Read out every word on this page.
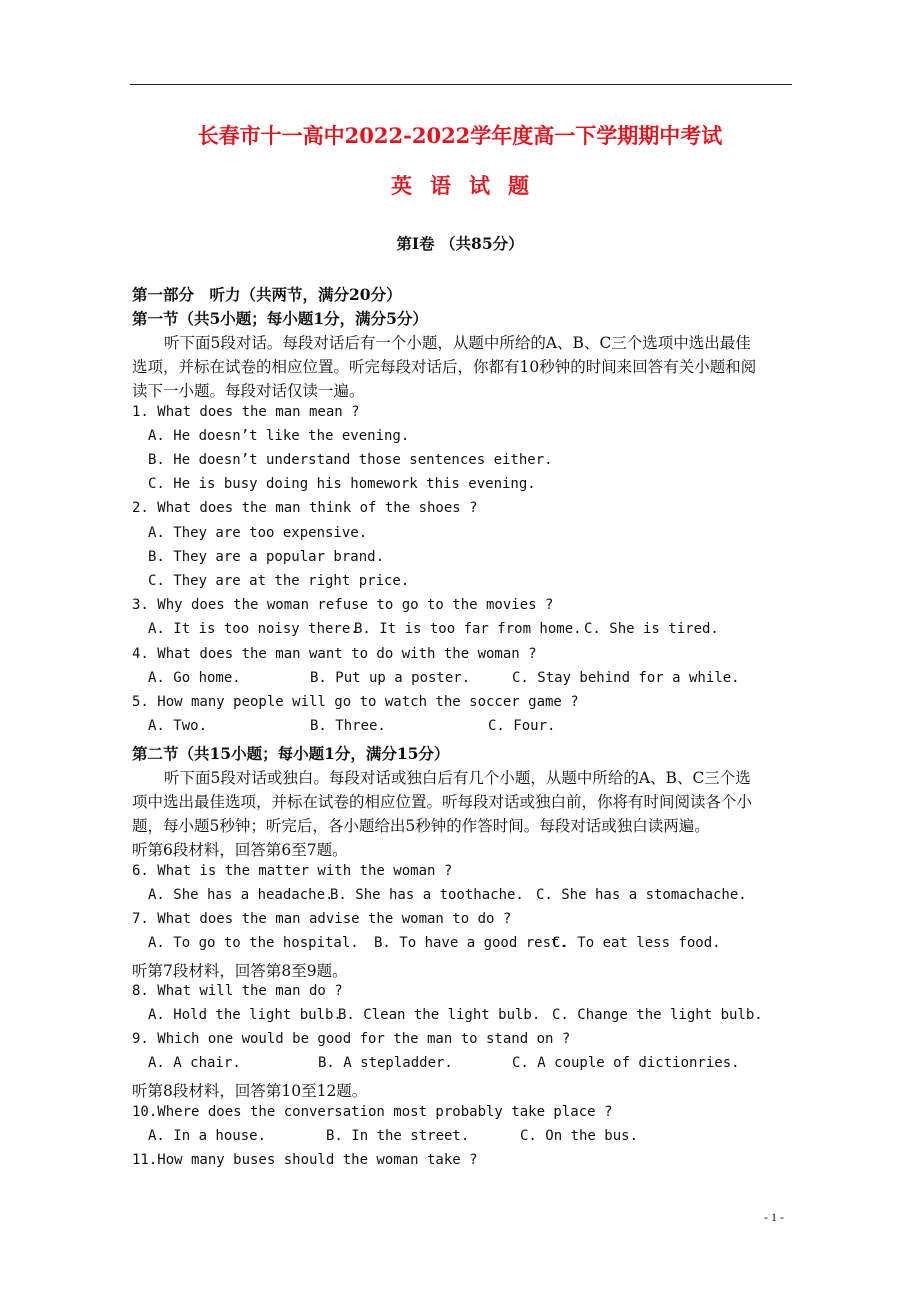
长春市十一高中2022-2022学年度高一下学期期中考试
英语试题
第Ⅰ卷 （共85分）
第一部分　听力（共两节，满分20分）
第一节（共5小题；每小题1分，满分5分）
听下面5段对话。每段对话后有一个小题，从题中所给的A、B、C三个选项中选出最佳
选项，并标在试卷的相应位置。听完每段对话后，你都有10秒钟的时间来回答有关小题和阅
读下一小题。每段对话仅读一遍。
1. What does the man mean ?
A. He doesn’t like the evening.
B. He doesn’t understand those sentences either.
C. He is busy doing his homework this evening.
2. What does the man think of the shoes ?
A. They are too expensive.
B. They are a popular brand.
C. They are at the right price.
3. Why does the woman refuse to go to the movies ?
A. It is too noisy there.
B. It is too far from home. C. She is tired.
4. What does the man want to do with the woman ?
A. Go home.	B. Put up a poster.	C. Stay behind for a while.
5. How many people will go to watch the soccer game ?
A. Two.	B. Three.	C. Four.
第二节（共15小题；每小题1分，满分15分）
听下面5段对话或独白。每段对话或独白后有几个小题，从题中所给的A、B、C三个选
项中选出最佳选项，并标在试卷的相应位置。听每段对话或独白前，你将有时间阅读各个小
题，每小题5秒钟；听完后，各小题给出5秒钟的作答时间。每段对话或独白读两遍。
听第6段材料，回答第6至7题。
6. What is the matter with the woman ?
A. She has a headache.
B. She has a toothache. C. She has a stomachache.
7. What does the man advise the woman to do ?
A. To go to the hospital. B. To have a good rest.
C. To eat less food.
听第7段材料，回答第8至9题。
8. What will the man do ?
A. Hold the light bulb.
B. Clean the light bulb. C. Change the light bulb.
9. Which one would be good for the man to stand on ?
A. A chair.	B. A stepladder.	C. A couple of dictionries.
听第8段材料，回答第10至12题。
10.Where does the conversation most probably take place ?
A. In a house.	B. In the street.	C. On the bus.
11.How many buses should the woman take ?
- 1 -
